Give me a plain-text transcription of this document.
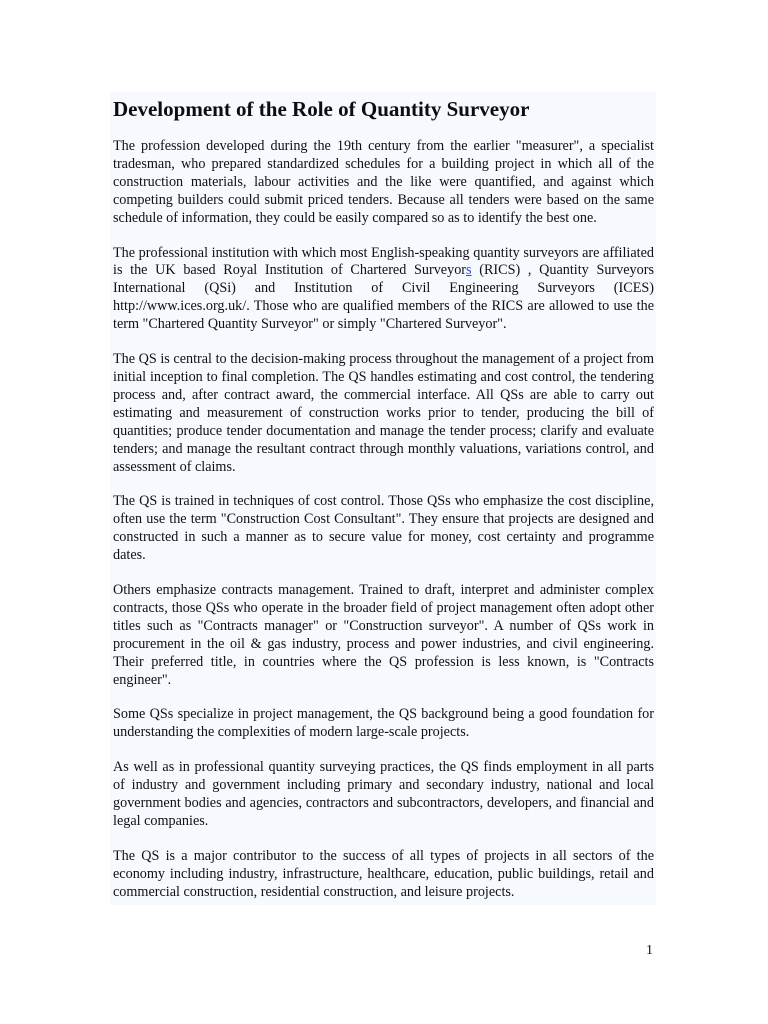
Development of the Role of Quantity Surveyor

The profession developed during the 19th century from the earlier "measurer", a specialist tradesman, who prepared standardized schedules for a building project in which all of the construction materials, labour activities and the like were quantified, and against which competing builders could submit priced tenders. Because all tenders were based on the same schedule of information, they could be easily compared so as to identify the best one.

The professional institution with which most English-speaking quantity surveyors are affiliated is the UK based Royal Institution of Chartered Surveyors (RICS) , Quantity Surveyors International (QSi) and Institution of Civil Engineering Surveyors (ICES) http://www.ices.org.uk/. Those who are qualified members of the RICS are allowed to use the term "Chartered Quantity Surveyor" or simply "Chartered Surveyor".

The QS is central to the decision-making process throughout the management of a project from initial inception to final completion. The QS handles estimating and cost control, the tendering process and, after contract award, the commercial interface. All QSs are able to carry out estimating and measurement of construction works prior to tender, producing the bill of quantities; produce tender documentation and manage the tender process; clarify and evaluate tenders; and manage the resultant contract through monthly valuations, variations control, and assessment of claims.

The QS is trained in techniques of cost control. Those QSs who emphasize the cost discipline, often use the term "Construction Cost Consultant". They ensure that projects are designed and constructed in such a manner as to secure value for money, cost certainty and programme dates.

Others emphasize contracts management. Trained to draft, interpret and administer complex contracts, those QSs who operate in the broader field of project management often adopt other titles such as "Contracts manager" or "Construction surveyor". A number of QSs work in procurement in the oil & gas industry, process and power industries, and civil engineering. Their preferred title, in countries where the QS profession is less known, is "Contracts engineer".

Some QSs specialize in project management, the QS background being a good foundation for understanding the complexities of modern large-scale projects.

As well as in professional quantity surveying practices, the QS finds employment in all parts of industry and government including primary and secondary industry, national and local government bodies and agencies, contractors and subcontractors, developers, and financial and legal companies.

The QS is a major contributor to the success of all types of projects in all sectors of the economy including industry, infrastructure, healthcare, education, public buildings, retail and commercial construction, residential construction, and leisure projects.

1
